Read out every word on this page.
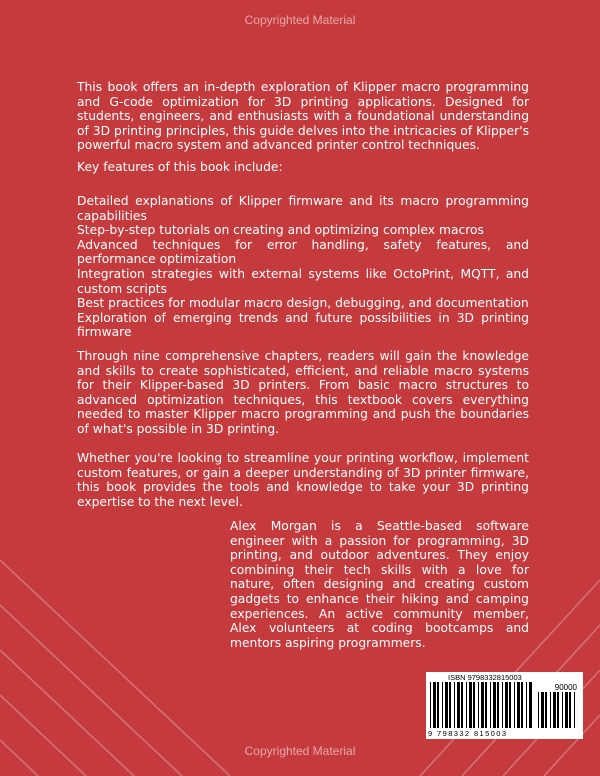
Copyrighted Material

This book offers an in-depth exploration of Klipper macro programming and G-code optimization for 3D printing applications. Designed for students, engineers, and enthusiasts with a foundational understanding of 3D printing principles, this guide delves into the intricacies of Klipper's powerful macro system and advanced printer control techniques.

Key features of this book include:

Detailed explanations of Klipper firmware and its macro programming capabilities
Step-by-step tutorials on creating and optimizing complex macros
Advanced techniques for error handling, safety features, and performance optimization
Integration strategies with external systems like OctoPrint, MQTT, and custom scripts
Best practices for modular macro design, debugging, and documentation
Exploration of emerging trends and future possibilities in 3D printing firmware

Through nine comprehensive chapters, readers will gain the knowledge and skills to create sophisticated, efficient, and reliable macro systems for their Klipper-based 3D printers. From basic macro structures to advanced optimization techniques, this textbook covers everything needed to master Klipper macro programming and push the boundaries of what's possible in 3D printing.

Whether you're looking to streamline your printing workflow, implement custom features, or gain a deeper understanding of 3D printer firmware, this book provides the tools and knowledge to take your 3D printing expertise to the next level.

Alex Morgan is a Seattle-based software engineer with a passion for programming, 3D printing, and outdoor adventures. They enjoy combining their tech skills with a love for nature, often designing and creating custom gadgets to enhance their hiking and camping experiences. An active community member, Alex volunteers at coding bootcamps and mentors aspiring programmers.

ISBN 9798332815003
90000
9 798332 815003
Copyrighted Material
